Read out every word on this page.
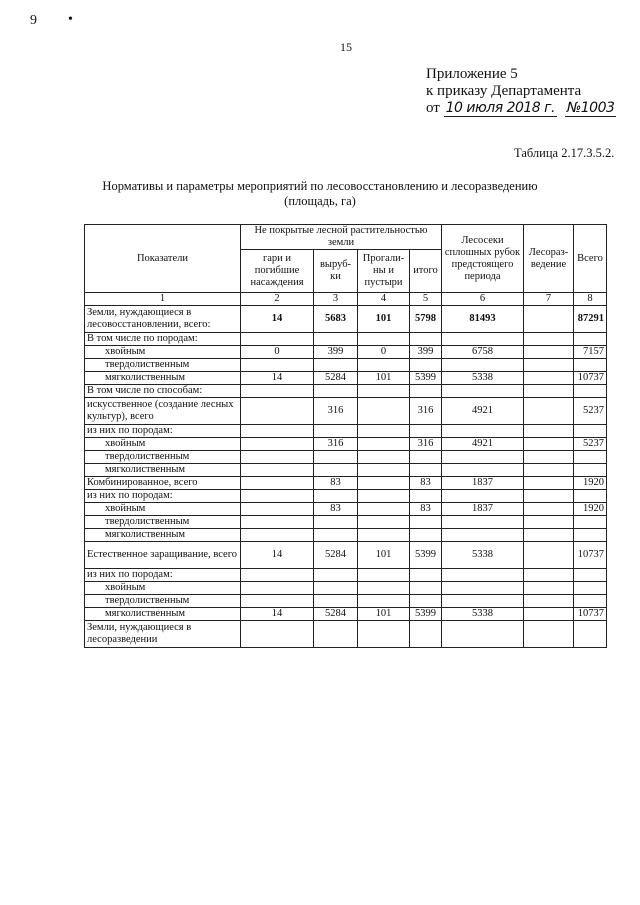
9 •
15
Приложение 5
к приказу Департамента
от 10 июля 2018 г. №1003
Таблица 2.17.3.5.2.
Нормативы и параметры мероприятий по лесовосстановлению и лесоразведению
(площадь, га)
Показатели	Не покрытые лесной растительностью земли				Лесосеки сплошных рубок предстоящего периода	Лесораз-ведение	Всего
	гари и погибшие насаждения	выруб-ки	Прогали-ны и пустыри	итого			
1	2	3	4	5	6	7	8
Земли, нуждающиеся в лесовосстановлении, всего:	14	5683	101	5798	81493		87291
В том числе по породам:							
хвойным	0	399	0	399	6758		7157
твердолиственным							
мягколиственным	14	5284	101	5399	5338		10737
В том числе по способам:							
искусственное (создание лесных культур), всего		316		316	4921		5237
из них по породам:							
хвойным		316		316	4921		5237
твердолиственным							
мягколиственным							
Комбинированное, всего		83		83	1837		1920
из них по породам:							
хвойным		83		83	1837		1920
твердолиственным							
мягколиственным							
Естественное заращивание, всего	14	5284	101	5399	5338		10737
из них по породам:							
хвойным							
твердолиственным							
мягколиственным	14	5284	101	5399	5338		10737
Земли, нуждающиеся в лесоразведении							
